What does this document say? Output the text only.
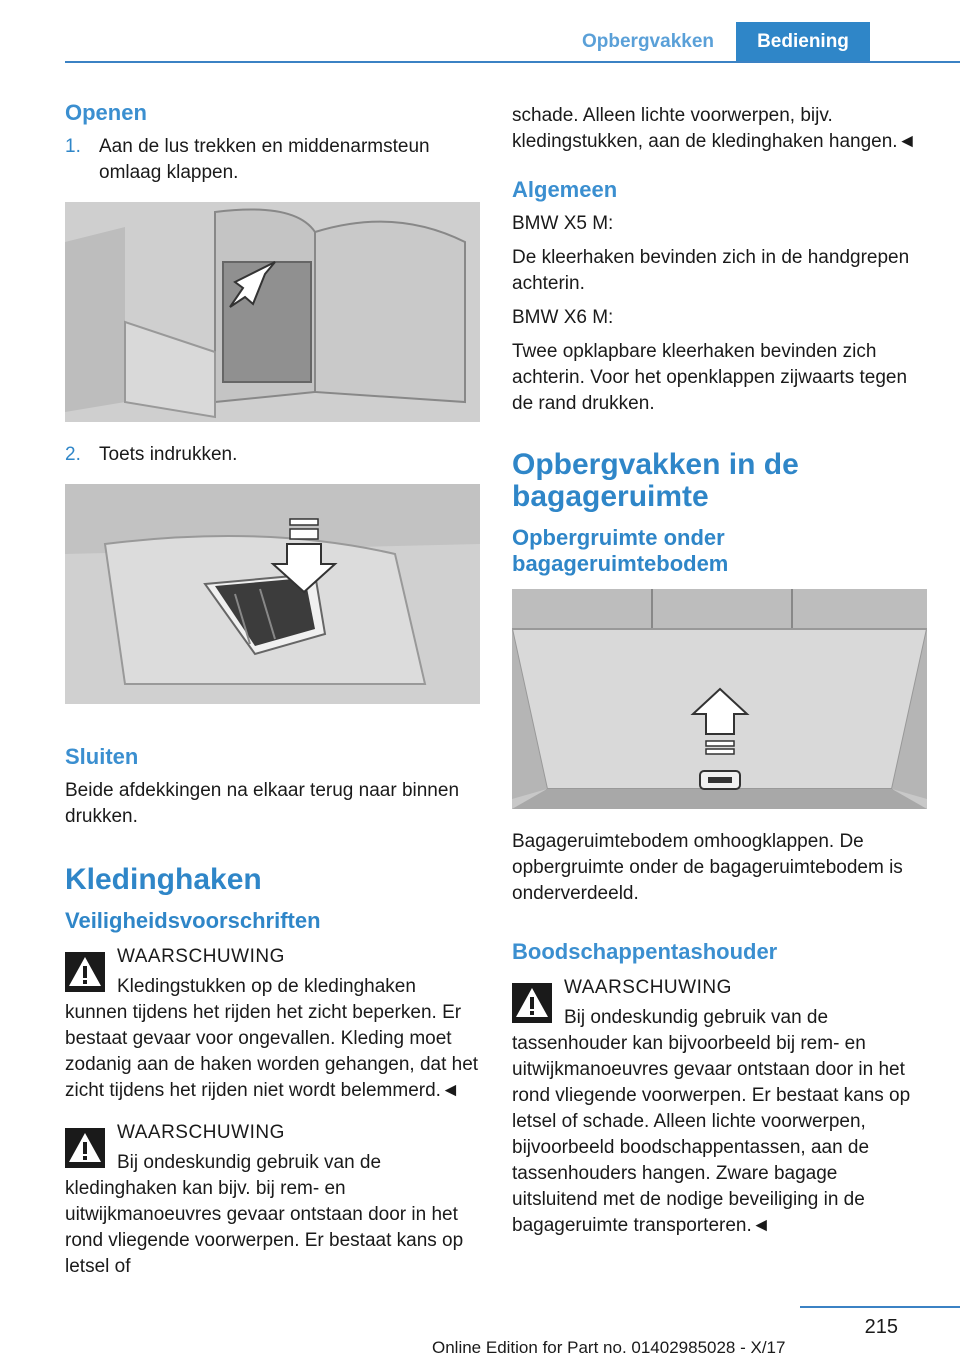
Opbergvakken	Bediening
Openen
1. Aan de lus trekken en middenarmsteun omlaag klappen.
2. Toets indrukken.
Sluiten

Beide afdekkingen na elkaar terug naar binnen drukken.

Kledinghaken
Veiligheidsvoorschriften
WAARSCHUWING
Kledingstukken op de kledinghaken kunnen tijdens het rijden het zicht beperken. Er bestaat gevaar voor ongevallen. Kleding moet zodanig aan de haken worden gehangen, dat het zicht tijdens het rijden niet wordt belemmerd.◄
WAARSCHUWING
Bij ondeskundig gebruik van de kledinghaken kan bijv. bij rem- en uitwijkmanoeuvres gevaar ontstaan door in het rond vliegende voorwerpen. Er bestaat kans op letsel of

schade. Alleen lichte voorwerpen, bijv. kledingstukken, aan de kledinghaken hangen.◄

Algemeen

BMW X5 M:

De kleerhaken bevinden zich in de handgrepen achterin.

BMW X6 M:

Twee opklapbare kleerhaken bevinden zich achterin. Voor het openklappen zijwaarts tegen de rand drukken.

Opbergvakken in de bagageruimte
Opbergruimte onder bagageruimtebodem

Bagageruimtebodem omhoogklappen. De opbergruimte onder de bagageruimtebodem is onderverdeeld.

Boodschappentashouder
WAARSCHUWING
Bij ondeskundig gebruik van de tassenhouder kan bijvoorbeeld bij rem- en uitwijkmanoeuvres gevaar ontstaan door in het rond vliegende voorwerpen. Er bestaat kans op letsel of schade. Alleen lichte voorwerpen, bijvoorbeeld boodschappentassen, aan de tassenhouders hangen. Zware bagage uitsluitend met de nodige beveiliging in de bagageruimte transporteren.◄
215
Online Edition for Part no. 01402985028 - X/17
